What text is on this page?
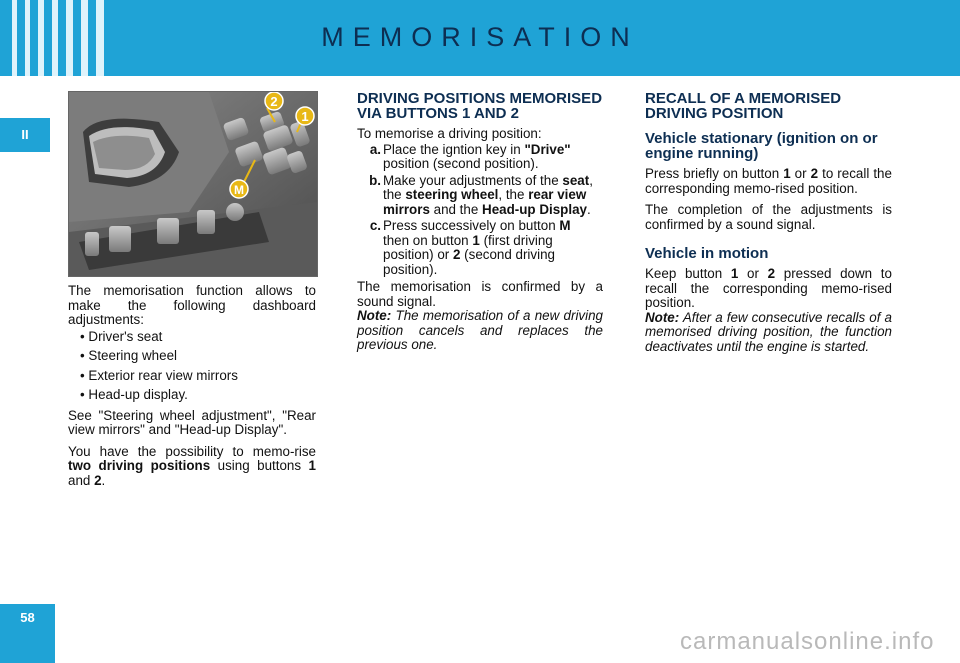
MEMORISATION
II
2
1
M

The memorisation function allows to make the following dashboard adjustments:

• Driver's seat
• Steering wheel
• Exterior rear view mirrors
• Head-up display.

See "Steering wheel adjustment", "Rear view mirrors" and "Head-up Display".

You have the possibility to memo-rise two driving positions using buttons 1 and 2.

DRIVING POSITIONS MEMORISED VIA BUTTONS 1 AND 2

To memorise a driving position:

a. Place the igntion key in "Drive" position (second position).
b. Make your adjustments of the seat, the steering wheel, the rear view mirrors and the Head-up Display.
c. Press successively on button M then on button 1 (first driving position) or 2 (second driving position).

The memorisation is confirmed by a sound signal.

Note: The memorisation of a new driving position cancels and replaces the previous one.

RECALL OF A MEMORISED DRIVING POSITION
Vehicle stationary (ignition on or engine running)

Press briefly on button 1 or 2 to recall the corresponding memo-rised position.

The completion of the adjustments is confirmed by a sound signal.

Vehicle in motion

Keep button 1 or 2 pressed down to recall the corresponding memo-rised position.

Note: After a few consecutive recalls of a memorised driving position, the function deactivates until the engine is started.

58
carmanualsonline.info
